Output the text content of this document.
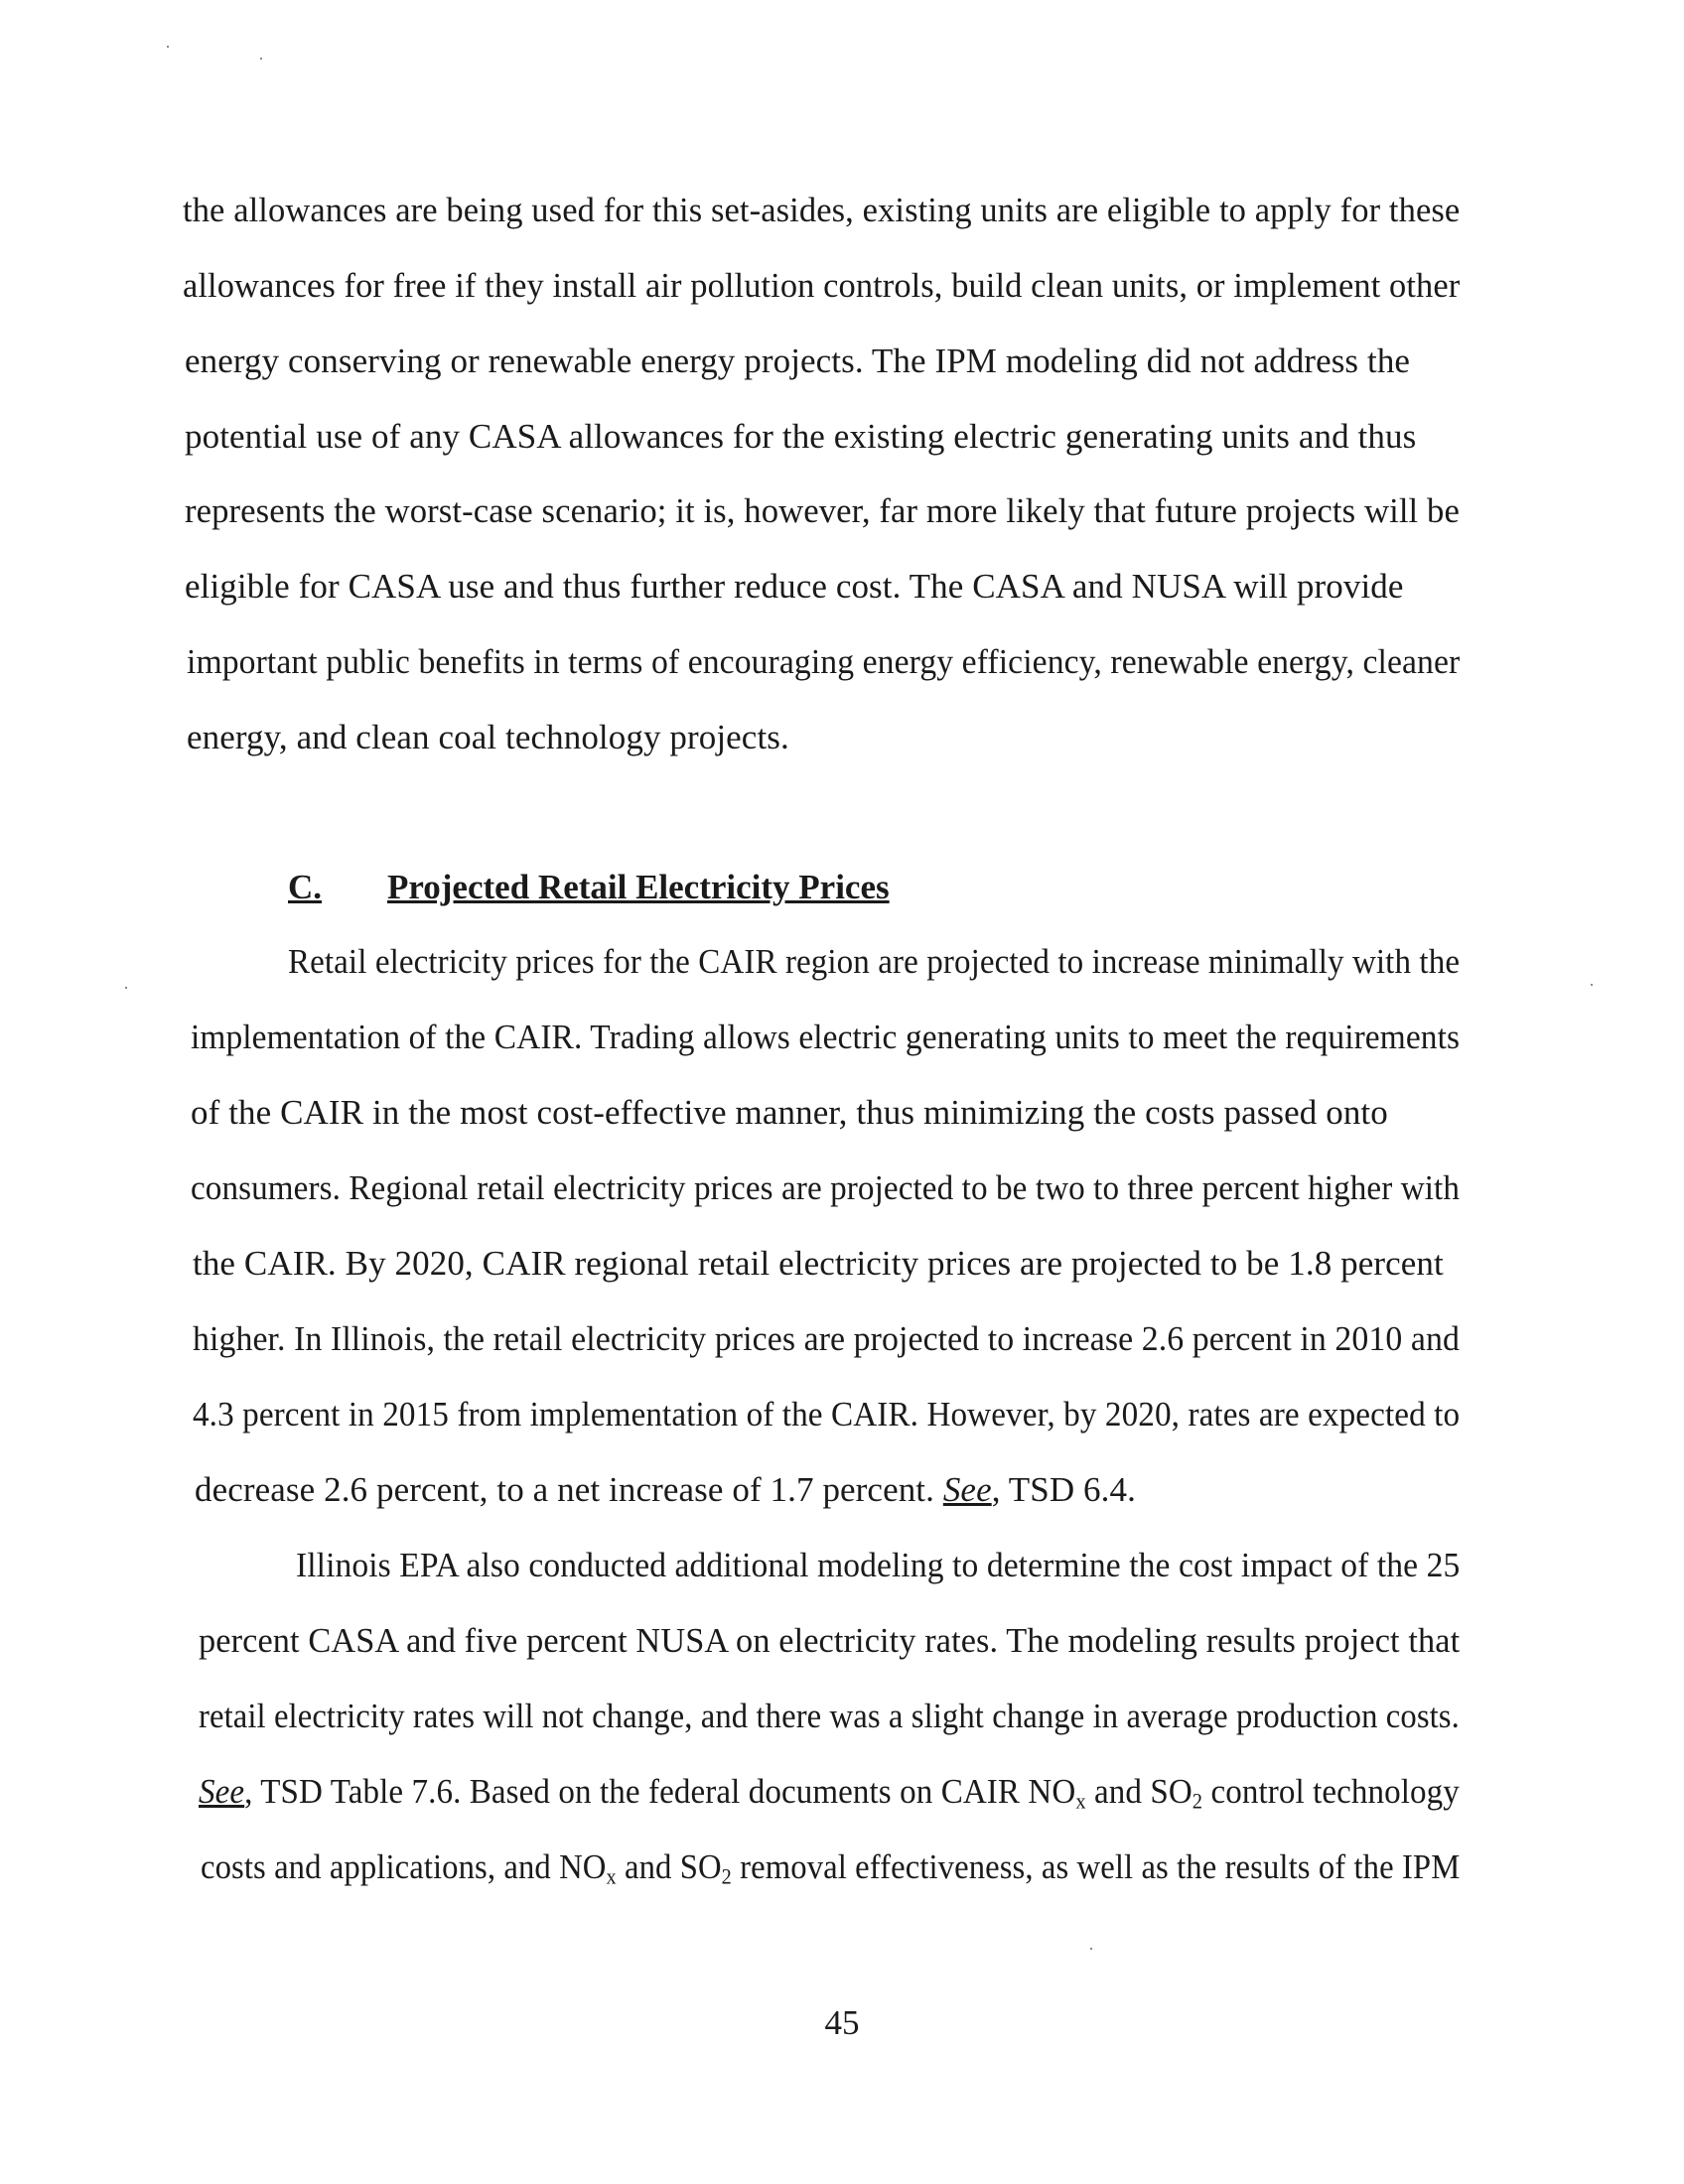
the allowances are being used for this set-asides, existing units are eligible to apply for these
allowances for free if they install air pollution controls, build clean units, or implement other
energy conserving or renewable energy projects. The IPM modeling did not address the
potential use of any CASA allowances for the existing electric generating units and thus
represents the worst-case scenario; it is, however, far more likely that future projects will be
eligible for CASA use and thus further reduce cost. The CASA and NUSA will provide
important public benefits in terms of encouraging energy efficiency, renewable energy, cleaner
energy, and clean coal technology projects.
C. Projected Retail Electricity Prices
Retail electricity prices for the CAIR region are projected to increase minimally with the
implementation of the CAIR. Trading allows electric generating units to meet the requirements
of the CAIR in the most cost-effective manner, thus minimizing the costs passed onto
consumers. Regional retail electricity prices are projected to be two to three percent higher with
the CAIR. By 2020, CAIR regional retail electricity prices are projected to be 1.8 percent
higher. In Illinois, the retail electricity prices are projected to increase 2.6 percent in 2010 and
4.3 percent in 2015 from implementation of the CAIR. However, by 2020, rates are expected to
decrease 2.6 percent, to a net increase of 1.7 percent. See, TSD 6.4.
Illinois EPA also conducted additional modeling to determine the cost impact of the 25
percent CASA and five percent NUSA on electricity rates. The modeling results project that
retail electricity rates will not change, and there was a slight change in average production costs.
See, TSD Table 7.6. Based on the federal documents on CAIR $NO_x$ and $SO_2$ control technology
costs and applications, and $NO_x$ and $SO_2$ removal effectiveness, as well as the results of the IPM
45
